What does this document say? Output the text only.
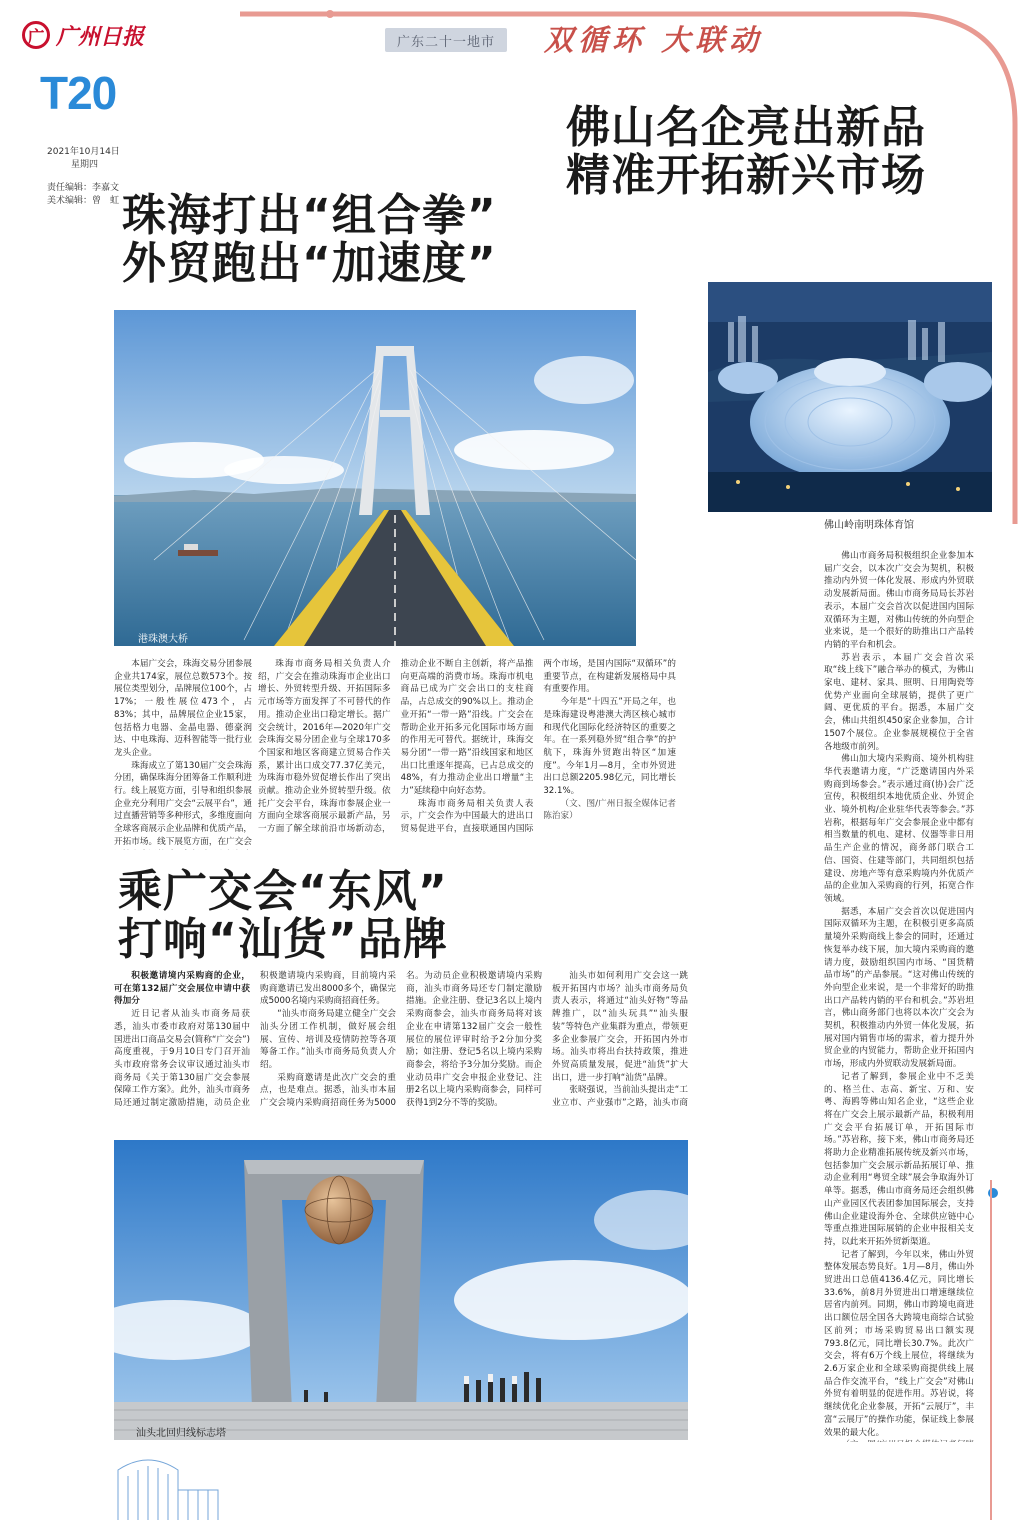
广 广州日报	广东二十一地市	双循环 大联动
T20
2021年10月14日
星期四
责任编辑：李嘉文
美术编辑：曾　虹
佛山名企亮出新品
精准开拓新兴市场
珠海打出“组合拳”
外贸跑出“加速度”
港珠澳大桥
佛山岭南明珠体育馆

本届广交会，珠海交易分团参展企业共174家，展位总数573个。按展位类型划分，品牌展位100个，占17%；一般性展位473个，占83%；其中，品牌展位企业15家，包括格力电器、金晶电器、德豪润达、中电珠海、迈科智能等一批行业龙头企业。

珠海成立了第130届广交会珠海分团，确保珠海分团筹备工作顺利进行。线上展览方面，引导和组织参展企业充分利用广交会“云展平台”，通过直播营销等多种形式，多维度面向全球客商展示企业品牌和优质产品，开拓市场。线下展览方面，在广交会

珠海市商务局相关负责人介绍，广交会在推动珠海市企业出口增长、外贸转型升级、开拓国际多元市场等方面发挥了不可替代的作用。推动企业出口稳定增长。据广交会统计，2016年—2020年广交会珠海交易分团企业与全球170多个国家和地区客商建立贸易合作关系，累计出口成交77.37亿美元，为珠海市稳外贸促增长作出了突出贡献。推动企业外贸转型升级。依托广交会平台，珠海市参展企业一方面向全球客商展示最新产品，另一方面了解全球前沿市场新动态，推动企业不断自主创新，将产品推向更高端的消费市场。珠海市机电商品已成为广交会出口的支柱商品，占总成交的90%以上。推动企业开拓“一带一路”沿线。广交会在帮助企业开拓多元化国际市场方面的作用无可替代。据统计，珠海交易分团“一带一路”沿线国家和地区出口比重逐年提高，已占总成交的48%，有力推动企业出口增量“主力”延续稳中向好态势。

珠海市商务局相关负责人表示，广交会作为中国最大的进出口贸易促进平台，直接联通国内国际两个市场，是国内国际“双循环”的重要节点，在构建新发展格局中具有重要作用。

今年是“十四五”开局之年，也是珠海建设粤港澳大湾区核心城市和现代化国际化经济特区的重要之年。在一系列稳外贸“组合拳”的护航下，珠海外贸跑出特区“加速度”。今年1月—8月，全市外贸进出口总额2205.98亿元，同比增长32.1%。

（文、图/广州日报全媒体记者陈治家）

乘广交会“东风”
打响“汕货”品牌

积极邀请境内采购商的企业，可在第132届广交会展位申请中获得加分

近日记者从汕头市商务局获悉，汕头市委市政府对第130届中国进出口商品交易会(简称“广交会”)高度重视，于9月10日专门召开汕头市政府常务会议审议通过汕头市商务局《关于第130届广交会参展保障工作方案》。此外，汕头市商务局还通过制定激励措施，动员企业积极邀请境内采购商，目前境内采购商邀请已发出8000多个，确保完成5000名境内采购商招商任务。

“汕头市商务局建立健全广交会汕头分团工作机制，做好展会组展、宣传、培训及疫情防控等各项筹备工作。”汕头市商务局负责人介绍。

采购商邀请是此次广交会的重点，也是难点。据悉，汕头市本届广交会境内采购商招商任务为5000名。为动员企业积极邀请境内采购商，汕头市商务局还专门制定激励措施。企业注册、登记3名以上境内采购商参会，汕头市商务局将对该企业在申请第132届广交会一般性展位的展位评审时给予2分加分奖励；如注册、登记5名以上境内采购商参会，将给予3分加分奖励。而企业动员串广交会申报企业登记、注册2名以上境内采购商参会，同样可获得1到2分不等的奖励。

汕头市如何利用广交会这一跳板开拓国内市场？汕头市商务局负责人表示，将通过“汕头好物”等品牌推广，以“汕头玩具”“汕头服装”等特色产业集群为重点，带领更多企业参展广交会，开拓国内外市场。汕头市将出台扶持政策，推进外贸高质量发展，促进“汕货”扩大出口，进一步打响“汕货”品牌。

张晓强说，当前汕头提出走“工业立市、产业强市”之路，汕头市商

汕头北回归线标志塔

佛山市商务局积极组织企业参加本届广交会，以本次广交会为契机，积极推动内外贸一体化发展、形成内外贸联动发展新局面。佛山市商务局局长苏岩表示，本届广交会首次以促进国内国际双循环为主题，对佛山传统的外向型企业来说，是一个很好的助推出口产品转内销的平台和机会。

苏岩表示，本届广交会首次采取“线上线下”融合举办的模式，为佛山家电、建材、家具、照明、日用陶瓷等优势产业面向全球展销，提供了更广阔、更优质的平台。据悉，本届广交会，佛山共组织450家企业参加，合计1507个展位。企业参展规模位于全省各地级市前列。

佛山加大境内采购商、境外机构驻华代表邀请力度，“广泛邀请国内外采购商到场参会。”表示通过商(协)会广泛宣传，积极组织本地优质企业、外贸企业、境外机构/企业驻华代表等参会。”苏岩称，根据每年广交会参展企业中都有相当数量的机电、建材、仪器等非日用品生产企业的情况，商务部门联合工信、国资、住建等部门，共同组织包括建设、房地产等有意采购境内外优质产品的企业加入采购商的行列，拓宽合作领域。

据悉，本届广交会首次以促进国内国际双循环为主题，在积极引更多高质量境外采购商线上参会的同时，还通过恢复举办线下展，加大境内采购商的邀请力度，鼓励组织国内市场、“国货精品市场”的产品参展。“这对佛山传统的外向型企业来说，是一个非常好的助推出口产品转内销的平台和机会。”苏岩坦言，佛山商务部门也将以本次广交会为契机，积极推动内外贸一体化发展，拓展对国内销售市场的需求，着力提升外贸企业的内贸能力，帮助企业开拓国内市场，形成内外贸联动发展新局面。

记者了解到，参展企业中不乏美的、格兰仕、志高、新宝、万和、安粤、海鸥等佛山知名企业，“这些企业将在广交会上展示最新产品，积极利用广交会平台拓展订单，开拓国际市场。”苏岩称，接下来，佛山市商务局还将助力企业精准拓展传统及新兴市场，包括参加广交会展示新品拓展订单、推动企业利用“粤贸全球”展会争取海外订单等。据悉，佛山市商务局还会组织佛山产业园区代表团参加国际展会，支持佛山企业建设海外仓、全球供应链中心等重点推进国际展销的企业申报相关支持，以此来开拓外贸新渠道。

记者了解到，今年以来，佛山外贸整体发展态势良好。1月—8月，佛山外贸进出口总值4136.4亿元，同比增长33.6%，前8月外贸进出口增速继续位居省内前列。同期，佛山市跨境电商进出口额位居全国各大跨境电商综合试验区前列；市场采购贸易出口额实现793.8亿元，同比增长30.7%。此次广交会，将有6万个线上展位，将继续为2.6万家企业和全球采购商提供线上展品合作交流平台，“线上广交会”对佛山外贸有着明显的促进作用。苏岩说，将继续优化企业参展，开拓“云展厅”，丰富“云展厅”的操作功能，保证线上参展效果的最大化。
